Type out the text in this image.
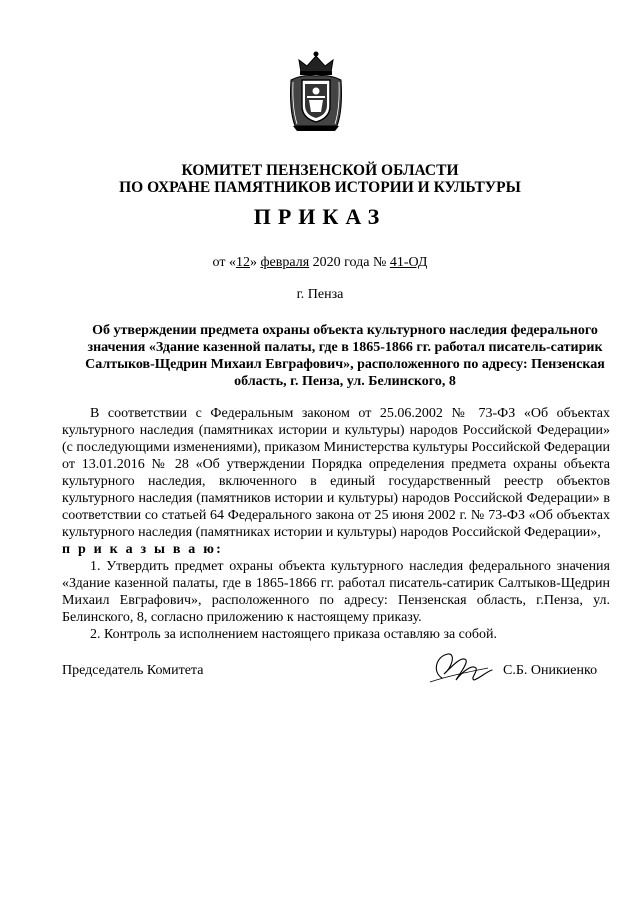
КОМИТЕТ ПЕНЗЕНСКОЙ ОБЛАСТИ
ПО ОХРАНЕ ПАМЯТНИКОВ ИСТОРИИ И КУЛЬТУРЫ
ПРИКАЗ
от «12» февраля 2020 года № 41-ОД
г. Пенза
Об утверждении предмета охраны объекта культурного наследия федерального значения «Здание казенной палаты, где в 1865-1866 гг. работал писатель-сатирик Салтыков-Щедрин Михаил Евграфович», расположенного по адресу: Пензенская область, г. Пенза, ул. Белинского, 8

В соответствии с Федеральным законом от 25.06.2002 № 73-ФЗ «Об объектах культурного наследия (памятниках истории и культуры) народов Российской Федерации» (с последующими изменениями), приказом Министерства культуры Российской Федерации от 13.01.2016 № 28 «Об утверждении Порядка определения предмета охраны объекта культурного наследия, включенного в единый государственный реестр объектов культурного наследия (памятников истории и культуры) народов Российской Федерации» в соответствии со статьей 64 Федерального закона от 25 июня 2002 г. № 73-ФЗ «Об объектах культурного наследия (памятниках истории и культуры) народов Российской Федерации»,

п р и к а з ы в а ю:

1. Утвердить предмет охраны объекта культурного наследия федерального значения «Здание казенной палаты, где в 1865-1866 гг. работал писатель-сатирик Салтыков-Щедрин Михаил Евграфович», расположенного по адресу: Пензенская область, г.Пенза, ул. Белинского, 8, согласно приложению к настоящему приказу.

2. Контроль за исполнением настоящего приказа оставляю за собой.

Председатель Комитета	С.Б. Оникиенко
